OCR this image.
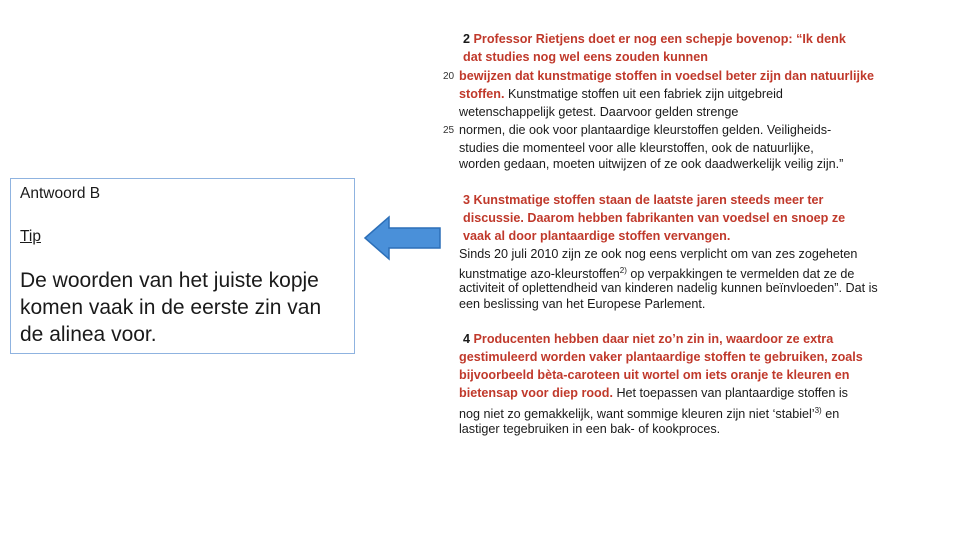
Antwoord B
Tip
De woorden van het juiste kopje komen vaak in de eerste zin van de alinea voor.
2 Professor Rietjens doet er nog een schepje bovenop: “Ik denk
dat studies nog wel eens zouden kunnen
20 bewijzen dat kunstmatige stoffen in voedsel beter zijn dan natuurlijke
stoffen. Kunstmatige stoffen uit een fabriek zijn uitgebreid
wetenschappelijk getest. Daarvoor gelden strenge
25 normen, die ook voor plantaardige kleurstoffen gelden. Veiligheids-
studies die momenteel voor alle kleurstoffen, ook de natuurlijke,
worden gedaan, moeten uitwijzen of ze ook daadwerkelijk veilig zijn.”
3 Kunstmatige stoffen staan de laatste jaren steeds meer ter
discussie. Daarom hebben fabrikanten van voedsel en snoep ze
vaak al door plantaardige stoffen vervangen.
Sinds 20 juli 2010 zijn ze ook nog eens verplicht om van zes zogeheten
kunstmatige azo-kleurstoffen$^{2)}$ op verpakkingen te vermelden dat ze de
activiteit of oplettendheid van kinderen nadelig kunnen beïnvloeden”. Dat is
een beslissing van het Europese Parlement.
4 Producenten hebben daar niet zo’n zin in, waardoor ze extra
gestimuleerd worden vaker plantaardige stoffen te gebruiken, zoals
bijvoorbeeld bèta-caroteen uit wortel om iets oranje te kleuren en
bietensap voor diep rood. Het toepassen van plantaardige stoffen is
nog niet zo gemakkelijk, want sommige kleuren zijn niet ‘stabiel’$^{3)}$ en
lastiger tegebruiken in een bak- of kookproces.
